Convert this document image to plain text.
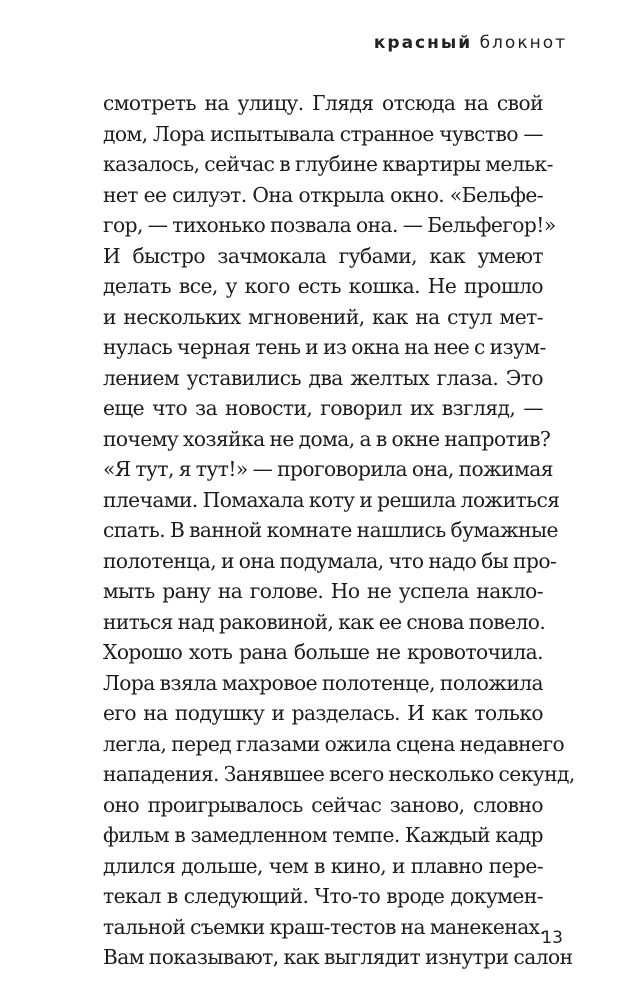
красный блокнот
смотреть на улицу. Глядя отсюда на свой
дом, Лора испытывала странное чувство —
казалось, сейчас в глубине квартиры мельк-
нет ее силуэт. Она открыла окно. «Бельфе-
гор, — тихонько позвала она. — Бельфегор!»
И быстро зачмокала губами, как умеют
делать все, у кого есть кошка. Не прошло
и нескольких мгновений, как на стул мет-
нулась черная тень и из окна на нее с изум-
лением уставились два желтых глаза. Это
еще что за новости, говорил их взгляд, —
почему хозяйка не дома, а в окне напротив?
«Я тут, я тут!» — проговорила она, пожимая
плечами. Помахала коту и решила ложиться
спать. В ванной комнате нашлись бумажные
полотенца, и она подумала, что надо бы про-
мыть рану на голове. Но не успела накло-
ниться над раковиной, как ее снова повело.
Хорошо хоть рана больше не кровоточила.
Лора взяла махровое полотенце, положила
его на подушку и разделась. И как только
легла, перед глазами ожила сцена недавнего
нападения. Занявшее всего несколько секунд,
оно проигрывалось сейчас заново, словно
фильм в замедленном темпе. Каждый кадр
длился дольше, чем в кино, и плавно пере-
текал в следующий. Что-то вроде докумен-
тальной съемки краш-тестов на манекенах.
Вам показывают, как выглядит изнутри салон
13
